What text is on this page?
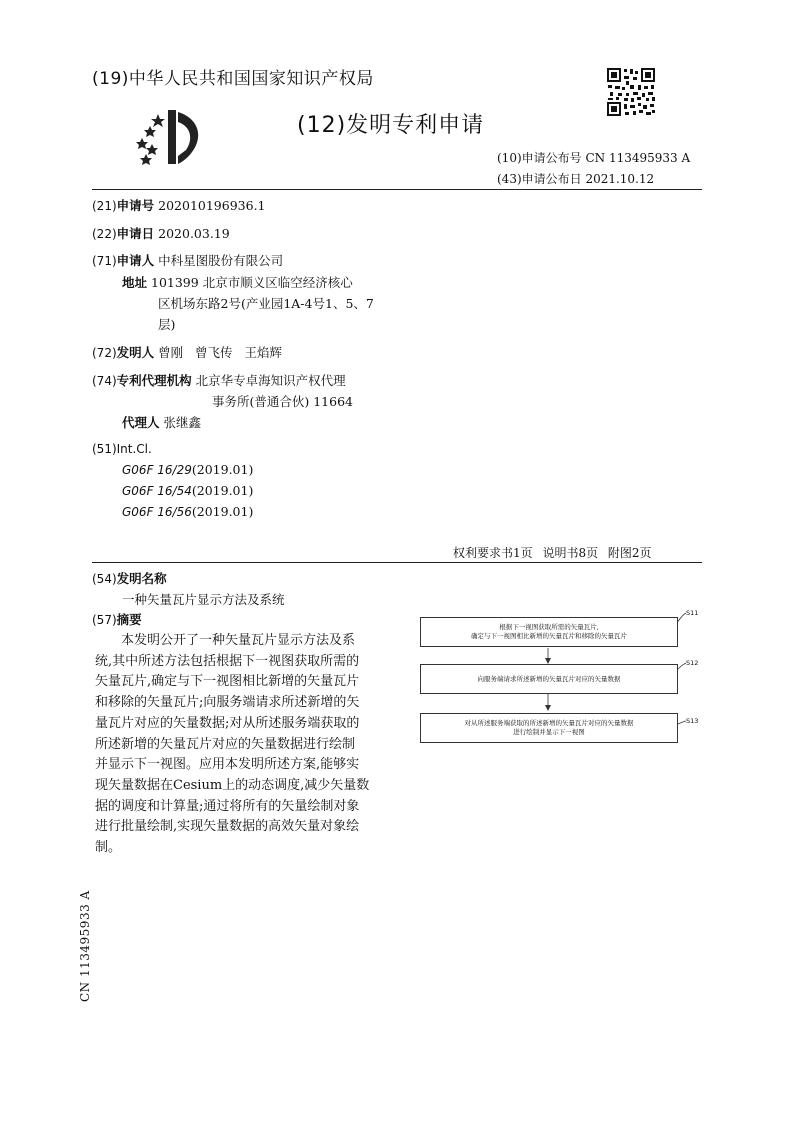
(19)中华人民共和国国家知识产权局
(12)发明专利申请
(10)申请公布号 CN 113495933 A
(43)申请公布日 2021.10.12
(21)申请号 202010196936.1
(22)申请日 2020.03.19
(71)申请人 中科星图股份有限公司
地址 101399 北京市顺义区临空经济核心
区机场东路2号(产业园1A-4号1、5、7
层)
(72)发明人 曾刚   曾飞传   王焰辉
(74)专利代理机构 北京华专卓海知识产权代理
事务所(普通合伙) 11664
代理人 张继鑫
(51)Int.Cl.
G06F 16/29(2019.01)
G06F 16/54(2019.01)
G06F 16/56(2019.01)
权利要求书1页 说明书8页 附图2页
(54)发明名称
一种矢量瓦片显示方法及系统
(57)摘要
本发明公开了一种矢量瓦片显示方法及系
统,其中所述方法包括根据下一视图获取所需的
矢量瓦片,确定与下一视图相比新增的矢量瓦片
和移除的矢量瓦片;向服务端请求所述新增的矢
量瓦片对应的矢量数据;对从所述服务端获取的
所述新增的矢量瓦片对应的矢量数据进行绘制
并显示下一视图。应用本发明所述方案,能够实
现矢量数据在Cesium上的动态调度,减少矢量数
据的调度和计算量;通过将所有的矢量绘制对象
进行批量绘制,实现矢量数据的高效矢量对象绘
制。
根据下一视图获取所需的矢量瓦片,
确定与下一视图相比新增的矢量瓦片和移除的矢量瓦片
S11
向服务端请求所述新增的矢量瓦片对应的矢量数据
S12
对从所述服务端获取的所述新增的矢量瓦片对应的矢量数据
进行绘制并显示下一视图
S13
CN 113495933 A
